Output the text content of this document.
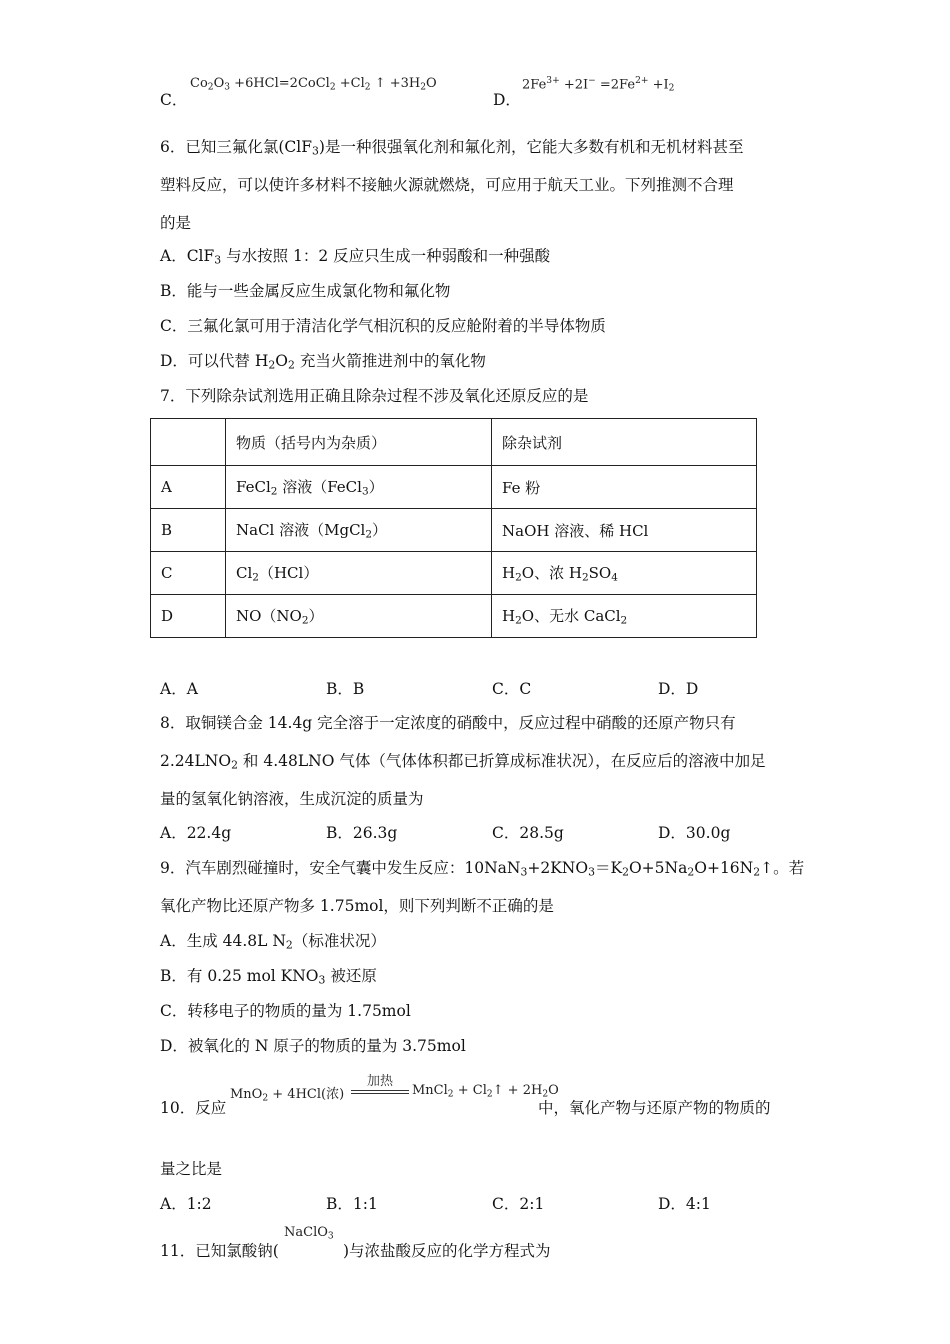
C．
$Co_2O_3$ +6HCl=2CoCl$_2$ $+Cl_2$ ↑ $+3H_2O$
D．
$2Fe^{3+} +2I^- =2Fe^{2+} +I_2$
6．已知三氟化氯(ClF$_3$)是一种很强氧化剂和氟化剂，它能大多数有机和无机材料甚至
塑料反应，可以使许多材料不接触火源就燃烧，可应用于航天工业。下列推测不合理
的是
A．ClF$_3$ 与水按照 1：2 反应只生成一种弱酸和一种强酸
B．能与一些金属反应生成氯化物和氟化物
C．三氟化氯可用于清洁化学气相沉积的反应舱附着的半导体物质
D．可以代替 $H_2O_2$ 充当火箭推进剂中的氧化物
7．下列除杂试剂选用正确且除杂过程不涉及氧化还原反应的是
	物质（括号内为杂质）	除杂试剂
A	FeCl$_2$ 溶液（FeCl$_3$）	Fe 粉
B	NaCl 溶液（MgCl$_2$）	NaOH 溶液、稀 HCl
C	$Cl_2(HCl)$	$H_2O$、浓 $H_2SO_4$
D	$NO(NO_2)$	$H_2O$、无水 CaCl$_2$
A．A	B．B	C．C	D．D
8．取铜镁合金 14.4g 完全溶于一定浓度的硝酸中，反应过程中硝酸的还原产物只有
$2.24LNO_2$ 和 4.48LNO 气体（气体体积都已折算成标准状况），在反应后的溶液中加足
量的氢氧化钠溶液，生成沉淀的质量为
A．22.4g	B．26.3g	C．28.5g	D．30.0g
9．汽车剧烈碰撞时，安全气囊中发生反应：$10NaN_3+2KNO_3=K_2O+5Na_2O+16N_2↑$。若
氧化产物比还原产物多 1.75mol，则下列判断不正确的是
A．生成 44.8L $N_2$（标准状况）
B．有 0.25 mol $KNO_3$ 被还原
C．转移电子的物质的量为 1.75mol
D．被氧化的 N 原子的物质的量为 3.75mol
10．反应
MnO$_2$ + 4HCl(浓)
加热
MnCl$_2$ + $Cl_2↑ + 2H_2O$
中，氧化产物与还原产物的物质的
量之比是
A．1:2	B．1:1	C．2:1	D．4:1
11．已知氯酸钠(
NaClO$_3$
)与浓盐酸反应的化学方程式为
